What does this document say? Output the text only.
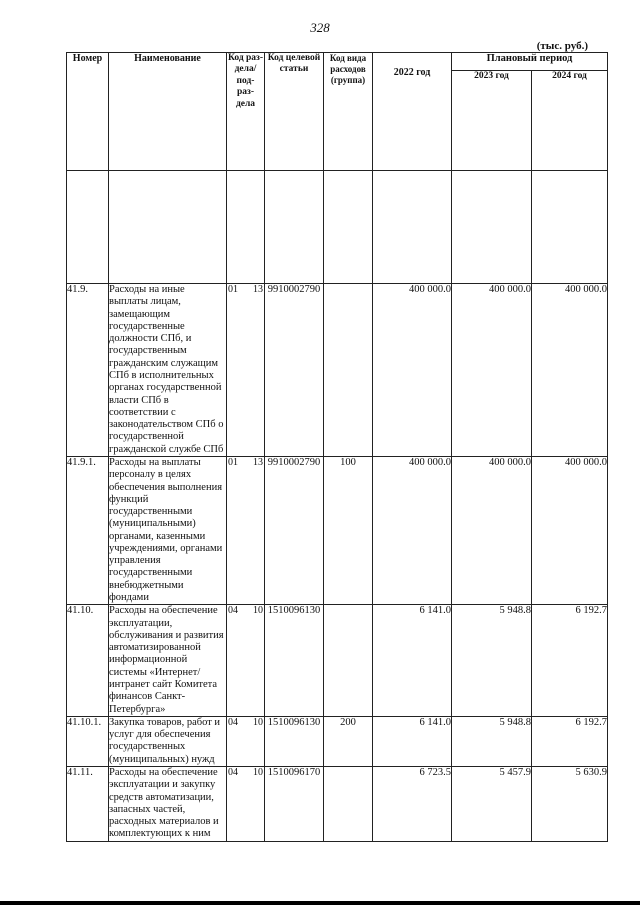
328
(тыс. руб.)
Номер	Наименование	Код раз- дела/ под- раз- дела	Код целевой статьи	Код вида расходов (группа)	2022 год	Плановый период	
						2023 год	2024 год

41.9.	Расходы на иные выплаты лицам, замещающим государственные должности СПб, и государственным гражданским служащим СПб в исполнительных органах государственной власти СПб в соответствии с законодательством СПб о государственной гражданской службе СПб	01 13	9910002790		400 000.0	400 000.0	400 000.0
41.9.1.	Расходы на выплаты персоналу в целях обеспечения выполнения функций государственными (муниципальными) органами, казенными учреждениями, органами управления государственными внебюджетными фондами	01 13	9910002790	100	400 000.0	400 000.0	400 000.0
41.10.	Расходы на обеспечение эксплуатации, обслуживания и развития автоматизированной информационной системы «Интернет/интранет сайт Комитета финансов Санкт-Петербурга»	04 10	1510096130		6 141.0	5 948.8	6 192.7
41.10.1.	Закупка товаров, работ и услуг для обеспечения государственных (муниципальных) нужд	04 10	1510096130	200	6 141.0	5 948.8	6 192.7
41.11.	Расходы на обеспечение эксплуатации и закупку средств автоматизации, запасных частей, расходных материалов и комплектующих к ним	04 10	1510096170		6 723.5	5 457.9	5 630.9
